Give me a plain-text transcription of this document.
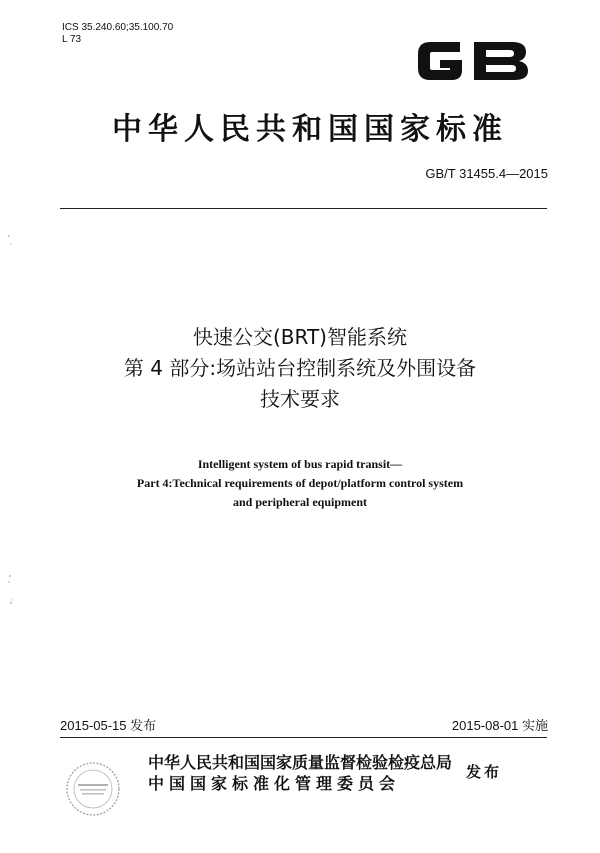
ICS 35.240.60;35.100.70
L 73
中华人民共和国国家标准
GB/T 31455.4—2015
快速公交(BRT)智能系统
第 4 部分:场站站台控制系统及外围设备
技术要求
Intelligent system of bus rapid transit—
Part 4:Technical requirements of depot/platform control system
and peripheral equipment
2015-05-15 发布	2015-08-01 实施
中华人民共和国国家质量监督检验检疫总局
中国国家标准化管理委员会
发布
